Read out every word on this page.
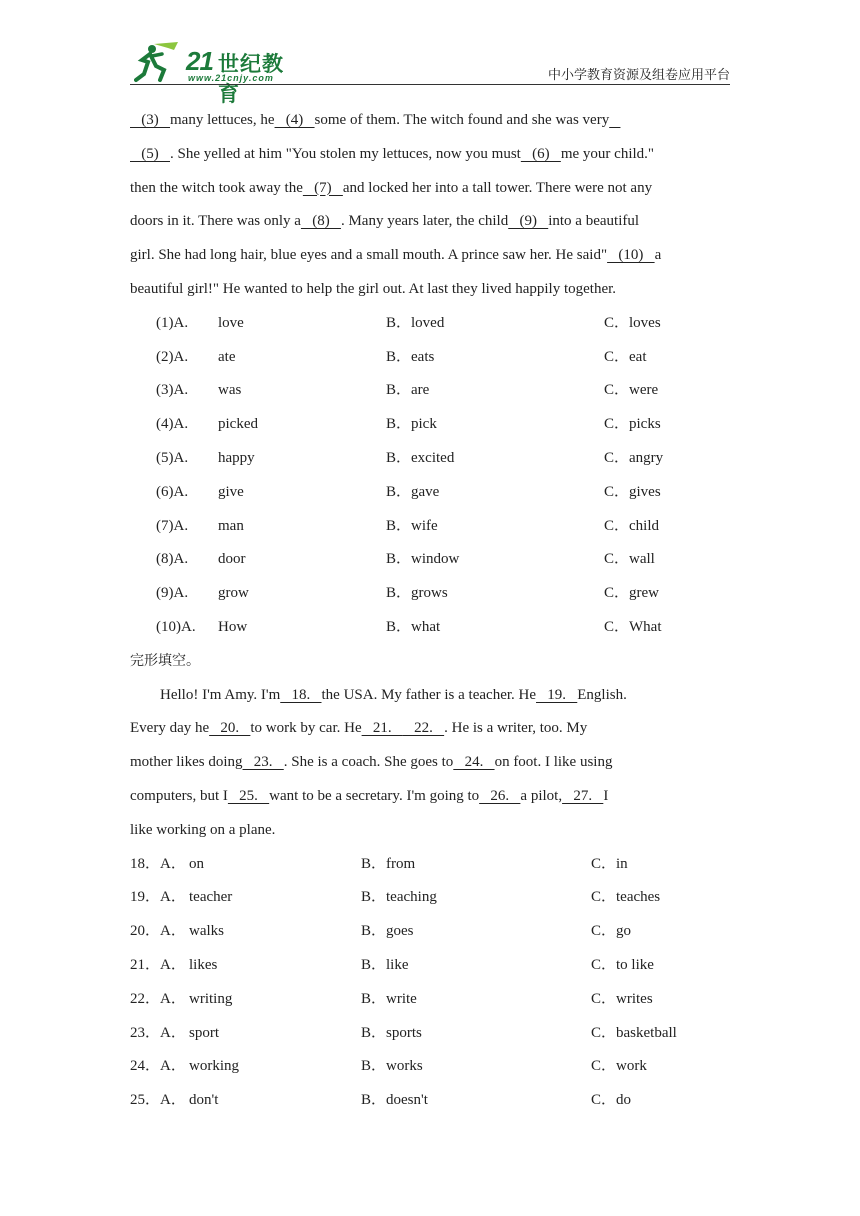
21 世纪教育
www.21cnjy.com	中小学教育资源及组卷应用平台
(3)   many lettuces, he   (4)   some of them. The witch found and she was very
(5)   . She yelled at him "You stolen my lettuces, now you must   (6)   me your child."
then the witch took away the   (7)   and locked her into a tall tower. There were not any
doors in it. There was only a   (8)   . Many years later, the child   (9)   into a beautiful
girl. She had long hair, blue eyes and a small mouth. A prince saw her. He said"   (10)   a
beautiful girl!" He wanted to help the girl out. At last they lived happily together.
(1)A. love	B．loved	C．loves
(2)A. ate	B．eats	C．eat
(3)A. was	B．are	C．were
(4)A. picked	B．pick	C．picks
(5)A. happy	B．excited	C．angry
(6)A. give	B．gave	C．gives
(7)A. man	B．wife	C．child
(8)A. door	B．window	C．wall
(9)A. grow	B．grows	C．grew
(10)A. How	B．what	C．What
完形填空。
Hello! I'm Amy. I'm   18.   the USA. My father is a teacher. He   19.   English.
Every day he   20.   to work by car. He   21.      22.   . He is a writer, too. My
mother likes doing   23.   . She is a coach. She goes to   24.   on foot. I like using
computers, but I   25.   want to be a secretary. I'm going to   26.   a pilot,   27.   I
like working on a plane.
18．A． on	B．from	C．in
19．A． teacher	B．teaching	C．teaches
20．A． walks	B．goes	C．go
21．A． likes	B．like	C．to like
22．A． writing	B．write	C．writes
23．A． sport	B．sports	C．basketball
24．A． working	B．works	C．work
25．A． don't	B．doesn't	C．do
